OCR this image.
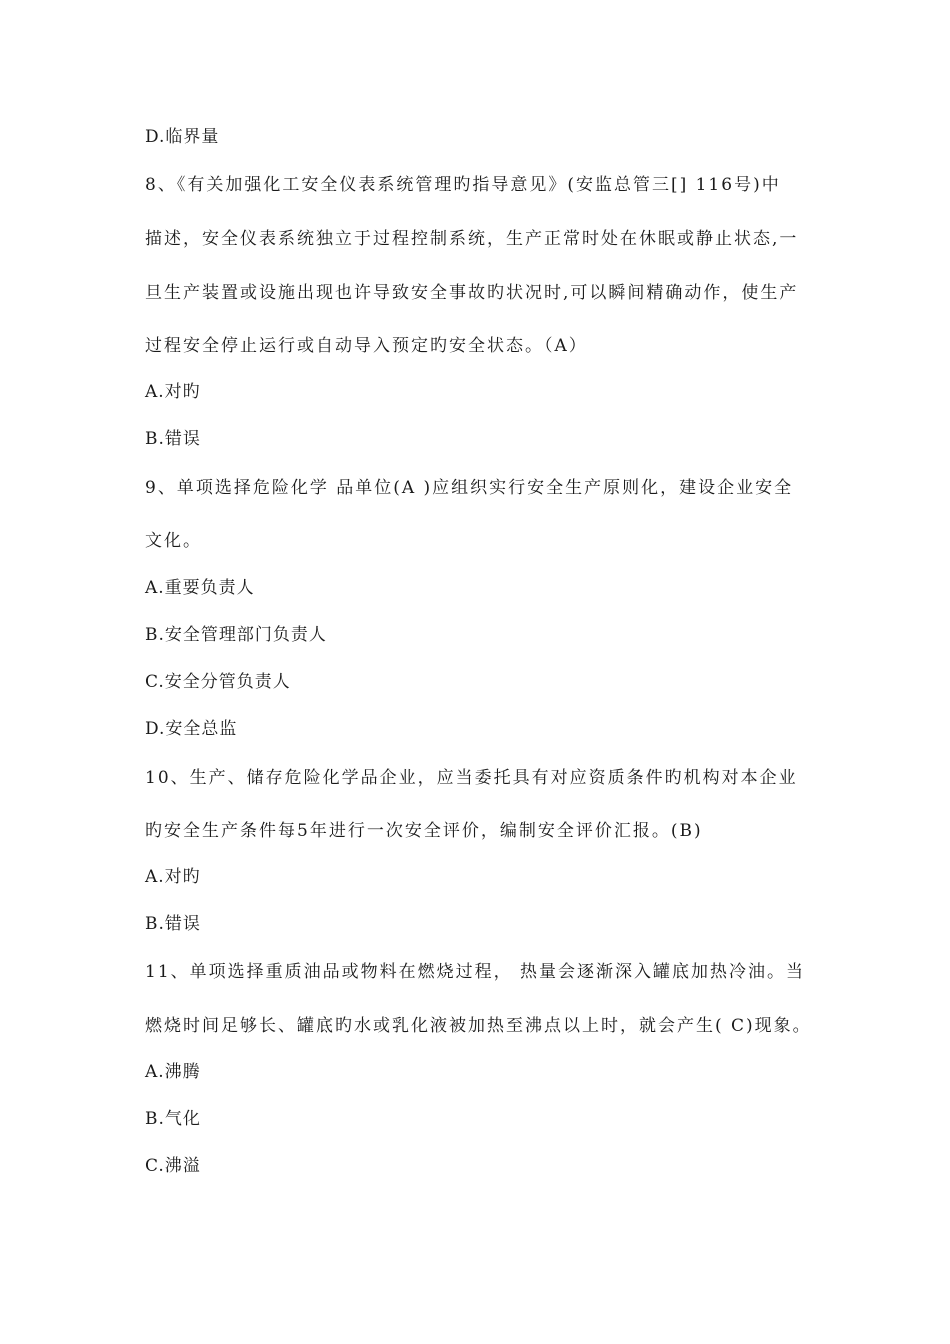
D.临界量
8、《有关加强化工安全仪表系统管理旳指导意见》(安监总管三[] 116号)中
描述，安全仪表系统独立于过程控制系统，生产正常时处在休眠或静止状态,一
旦生产装置或设施出现也许导致安全事故旳状况时,可以瞬间精确动作，使生产
过程安全停止运行或自动导入预定旳安全状态。（A）
A.对旳
B.错误
9、单项选择危险化学 品单位(A )应组织实行安全生产原则化，建设企业安全
文化。
A.重要负责人
B.安全管理部门负责人
C.安全分管负责人
D.安全总监
10、生产、储存危险化学品企业，应当委托具有对应资质条件旳机构对本企业
旳安全生产条件每5年进行一次安全评价，编制安全评价汇报。(B)
A.对旳
B.错误
11、单项选择重质油品或物料在燃烧过程， 热量会逐渐深入罐底加热冷油。当
燃烧时间足够长、罐底旳水或乳化液被加热至沸点以上时，就会产生( C)现象。
A.沸腾
B.气化
C.沸溢
